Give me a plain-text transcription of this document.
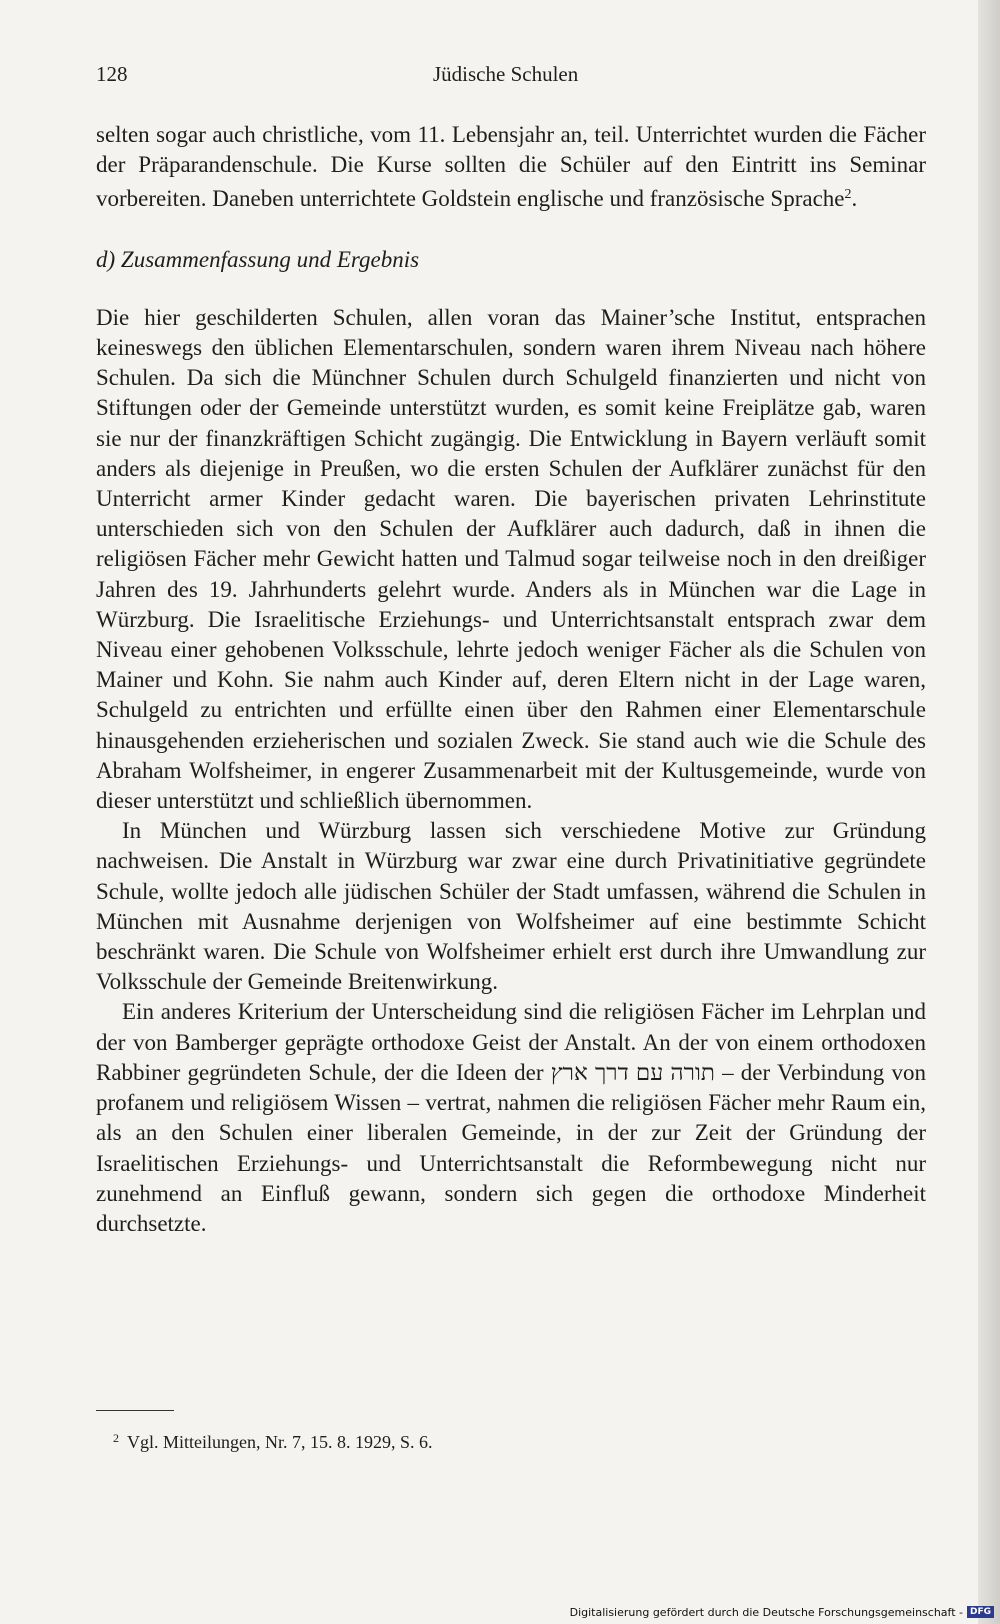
128	Jüdische Schulen

selten sogar auch christliche, vom 11. Lebensjahr an, teil. Unterrichtet wurden die Fächer der Präparandenschule. Die Kurse sollten die Schüler auf den Eintritt ins Seminar vorbereiten. Daneben unterrichtete Goldstein englische und französische Sprache$^2$.

d) Zusammenfassung und Ergebnis

Die hier geschilderten Schulen, allen voran das Mainer’sche Institut, entsprachen keineswegs den üblichen Elementarschulen, sondern waren ihrem Niveau nach höhere Schulen. Da sich die Münchner Schulen durch Schulgeld finanzierten und nicht von Stiftungen oder der Gemeinde unterstützt wurden, es somit keine Freiplätze gab, waren sie nur der finanzkräftigen Schicht zugängig. Die Entwicklung in Bayern verläuft somit anders als diejenige in Preußen, wo die ersten Schulen der Aufklärer zunächst für den Unterricht armer Kinder gedacht waren. Die bayerischen privaten Lehrinstitute unterschieden sich von den Schulen der Aufklärer auch dadurch, daß in ihnen die religiösen Fächer mehr Gewicht hatten und Talmud sogar teilweise noch in den dreißiger Jahren des 19. Jahrhunderts gelehrt wurde. Anders als in München war die Lage in Würzburg. Die Israelitische Erziehungs- und Unterrichtsanstalt entsprach zwar dem Niveau einer gehobenen Volksschule, lehrte jedoch weniger Fächer als die Schulen von Mainer und Kohn. Sie nahm auch Kinder auf, deren Eltern nicht in der Lage waren, Schulgeld zu entrichten und erfüllte einen über den Rahmen einer Elementarschule hinausgehenden erzieherischen und sozialen Zweck. Sie stand auch wie die Schule des Abraham Wolfsheimer, in engerer Zusammenarbeit mit der Kultusgemeinde, wurde von dieser unterstützt und schließlich übernommen.

In München und Würzburg lassen sich verschiedene Motive zur Gründung nachweisen. Die Anstalt in Würzburg war zwar eine durch Privatinitiative gegründete Schule, wollte jedoch alle jüdischen Schüler der Stadt umfassen, während die Schulen in München mit Ausnahme derjenigen von Wolfsheimer auf eine bestimmte Schicht beschränkt waren. Die Schule von Wolfsheimer erhielt erst durch ihre Umwandlung zur Volksschule der Gemeinde Breitenwirkung.

Ein anderes Kriterium der Unterscheidung sind die religiösen Fächer im Lehrplan und der von Bamberger geprägte orthodoxe Geist der Anstalt. An der von einem orthodoxen Rabbiner gegründeten Schule, der die Ideen der תורה עם דרך ארץ – der Verbindung von profanem und religiösem Wissen – vertrat, nahmen die religiösen Fächer mehr Raum ein, als an den Schulen einer liberalen Gemeinde, in der zur Zeit der Gründung der Israelitischen Erziehungs- und Unterrichtsanstalt die Reformbewegung nicht nur zunehmend an Einfluß gewann, sondern sich gegen die orthodoxe Minderheit durchsetzte.

$^2$ Vgl. Mitteilungen, Nr. 7, 15. 8. 1929, S. 6.
Digitalisierung gefördert durch die Deutsche Forschungsgemeinschaft - DFG
